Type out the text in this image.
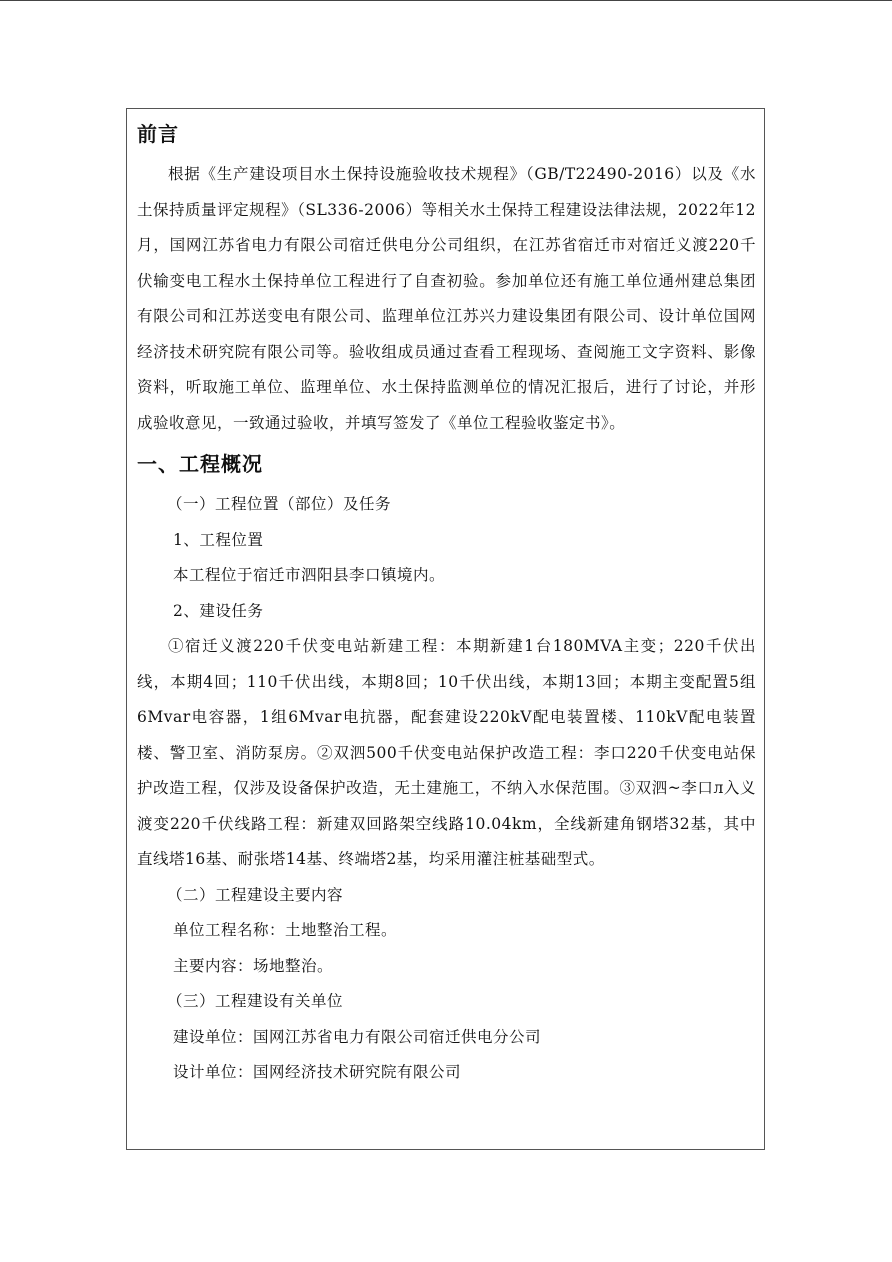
前言

根据《生产建设项目水土保持设施验收技术规程》（GB/T22490-2016）以及《水土保持质量评定规程》（SL336-2006）等相关水土保持工程建设法律法规，2022年12月，国网江苏省电力有限公司宿迁供电分公司组织，在江苏省宿迁市对宿迁义渡220千伏输变电工程水土保持单位工程进行了自查初验。参加单位还有施工单位通州建总集团有限公司和江苏送变电有限公司、监理单位江苏兴力建设集团有限公司、设计单位国网经济技术研究院有限公司等。验收组成员通过查看工程现场、查阅施工文字资料、影像资料，听取施工单位、监理单位、水土保持监测单位的情况汇报后，进行了讨论，并形成验收意见，一致通过验收，并填写签发了《单位工程验收鉴定书》。

一、工程概况

（一）工程位置（部位）及任务

1、工程位置

本工程位于宿迁市泗阳县李口镇境内。

2、建设任务

①宿迁义渡220千伏变电站新建工程：本期新建1台180MVA主变；220千伏出线，本期4回；110千伏出线，本期8回；10千伏出线，本期13回；本期主变配置5组6Mvar电容器，1组6Mvar电抗器，配套建设220kV配电装置楼、110kV配电装置楼、警卫室、消防泵房。②双泗500千伏变电站保护改造工程：李口220千伏变电站保护改造工程，仅涉及设备保护改造，无土建施工，不纳入水保范围。③双泗~李口л入义渡变220千伏线路工程：新建双回路架空线路10.04km，全线新建角钢塔32基，其中直线塔16基、耐张塔14基、终端塔2基，均采用灌注桩基础型式。

（二）工程建设主要内容

单位工程名称：土地整治工程。

主要内容：场地整治。

（三）工程建设有关单位

建设单位：国网江苏省电力有限公司宿迁供电分公司

设计单位：国网经济技术研究院有限公司
